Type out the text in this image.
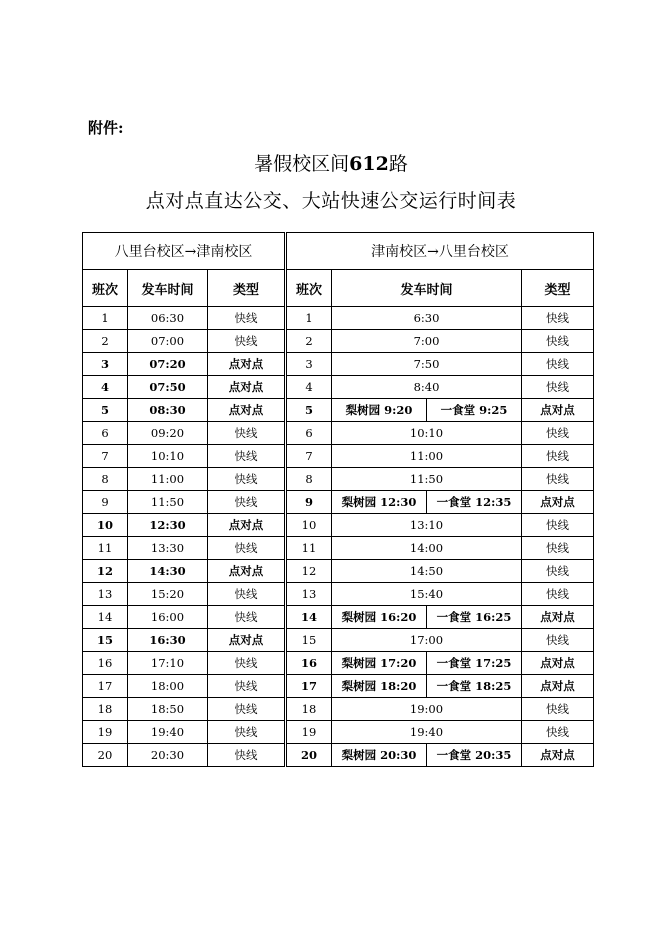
附件:
暑假校区间612路
点对点直达公交、大站快速公交运行时间表
八里台校区→津南校区			津南校区→八里台校区			
班次	发车时间	类型	班次	发车时间		类型
1	06:30	快线	1	6:30		快线
2	07:00	快线	2	7:00		快线
3	07:20	点对点	3	7:50		快线
4	07:50	点对点	4	8:40		快线
5	08:30	点对点	5	梨树园 9:20	一食堂 9:25	点对点
6	09:20	快线	6	10:10		快线
7	10:10	快线	7	11:00		快线
8	11:00	快线	8	11:50		快线
9	11:50	快线	9	梨树园 12:30	一食堂 12:35	点对点
10	12:30	点对点	10	13:10		快线
11	13:30	快线	11	14:00		快线
12	14:30	点对点	12	14:50		快线
13	15:20	快线	13	15:40		快线
14	16:00	快线	14	梨树园 16:20	一食堂 16:25	点对点
15	16:30	点对点	15	17:00		快线
16	17:10	快线	16	梨树园 17:20	一食堂 17:25	点对点
17	18:00	快线	17	梨树园 18:20	一食堂 18:25	点对点
18	18:50	快线	18	19:00		快线
19	19:40	快线	19	19:40		快线
20	20:30	快线	20	梨树园 20:30	一食堂 20:35	点对点
